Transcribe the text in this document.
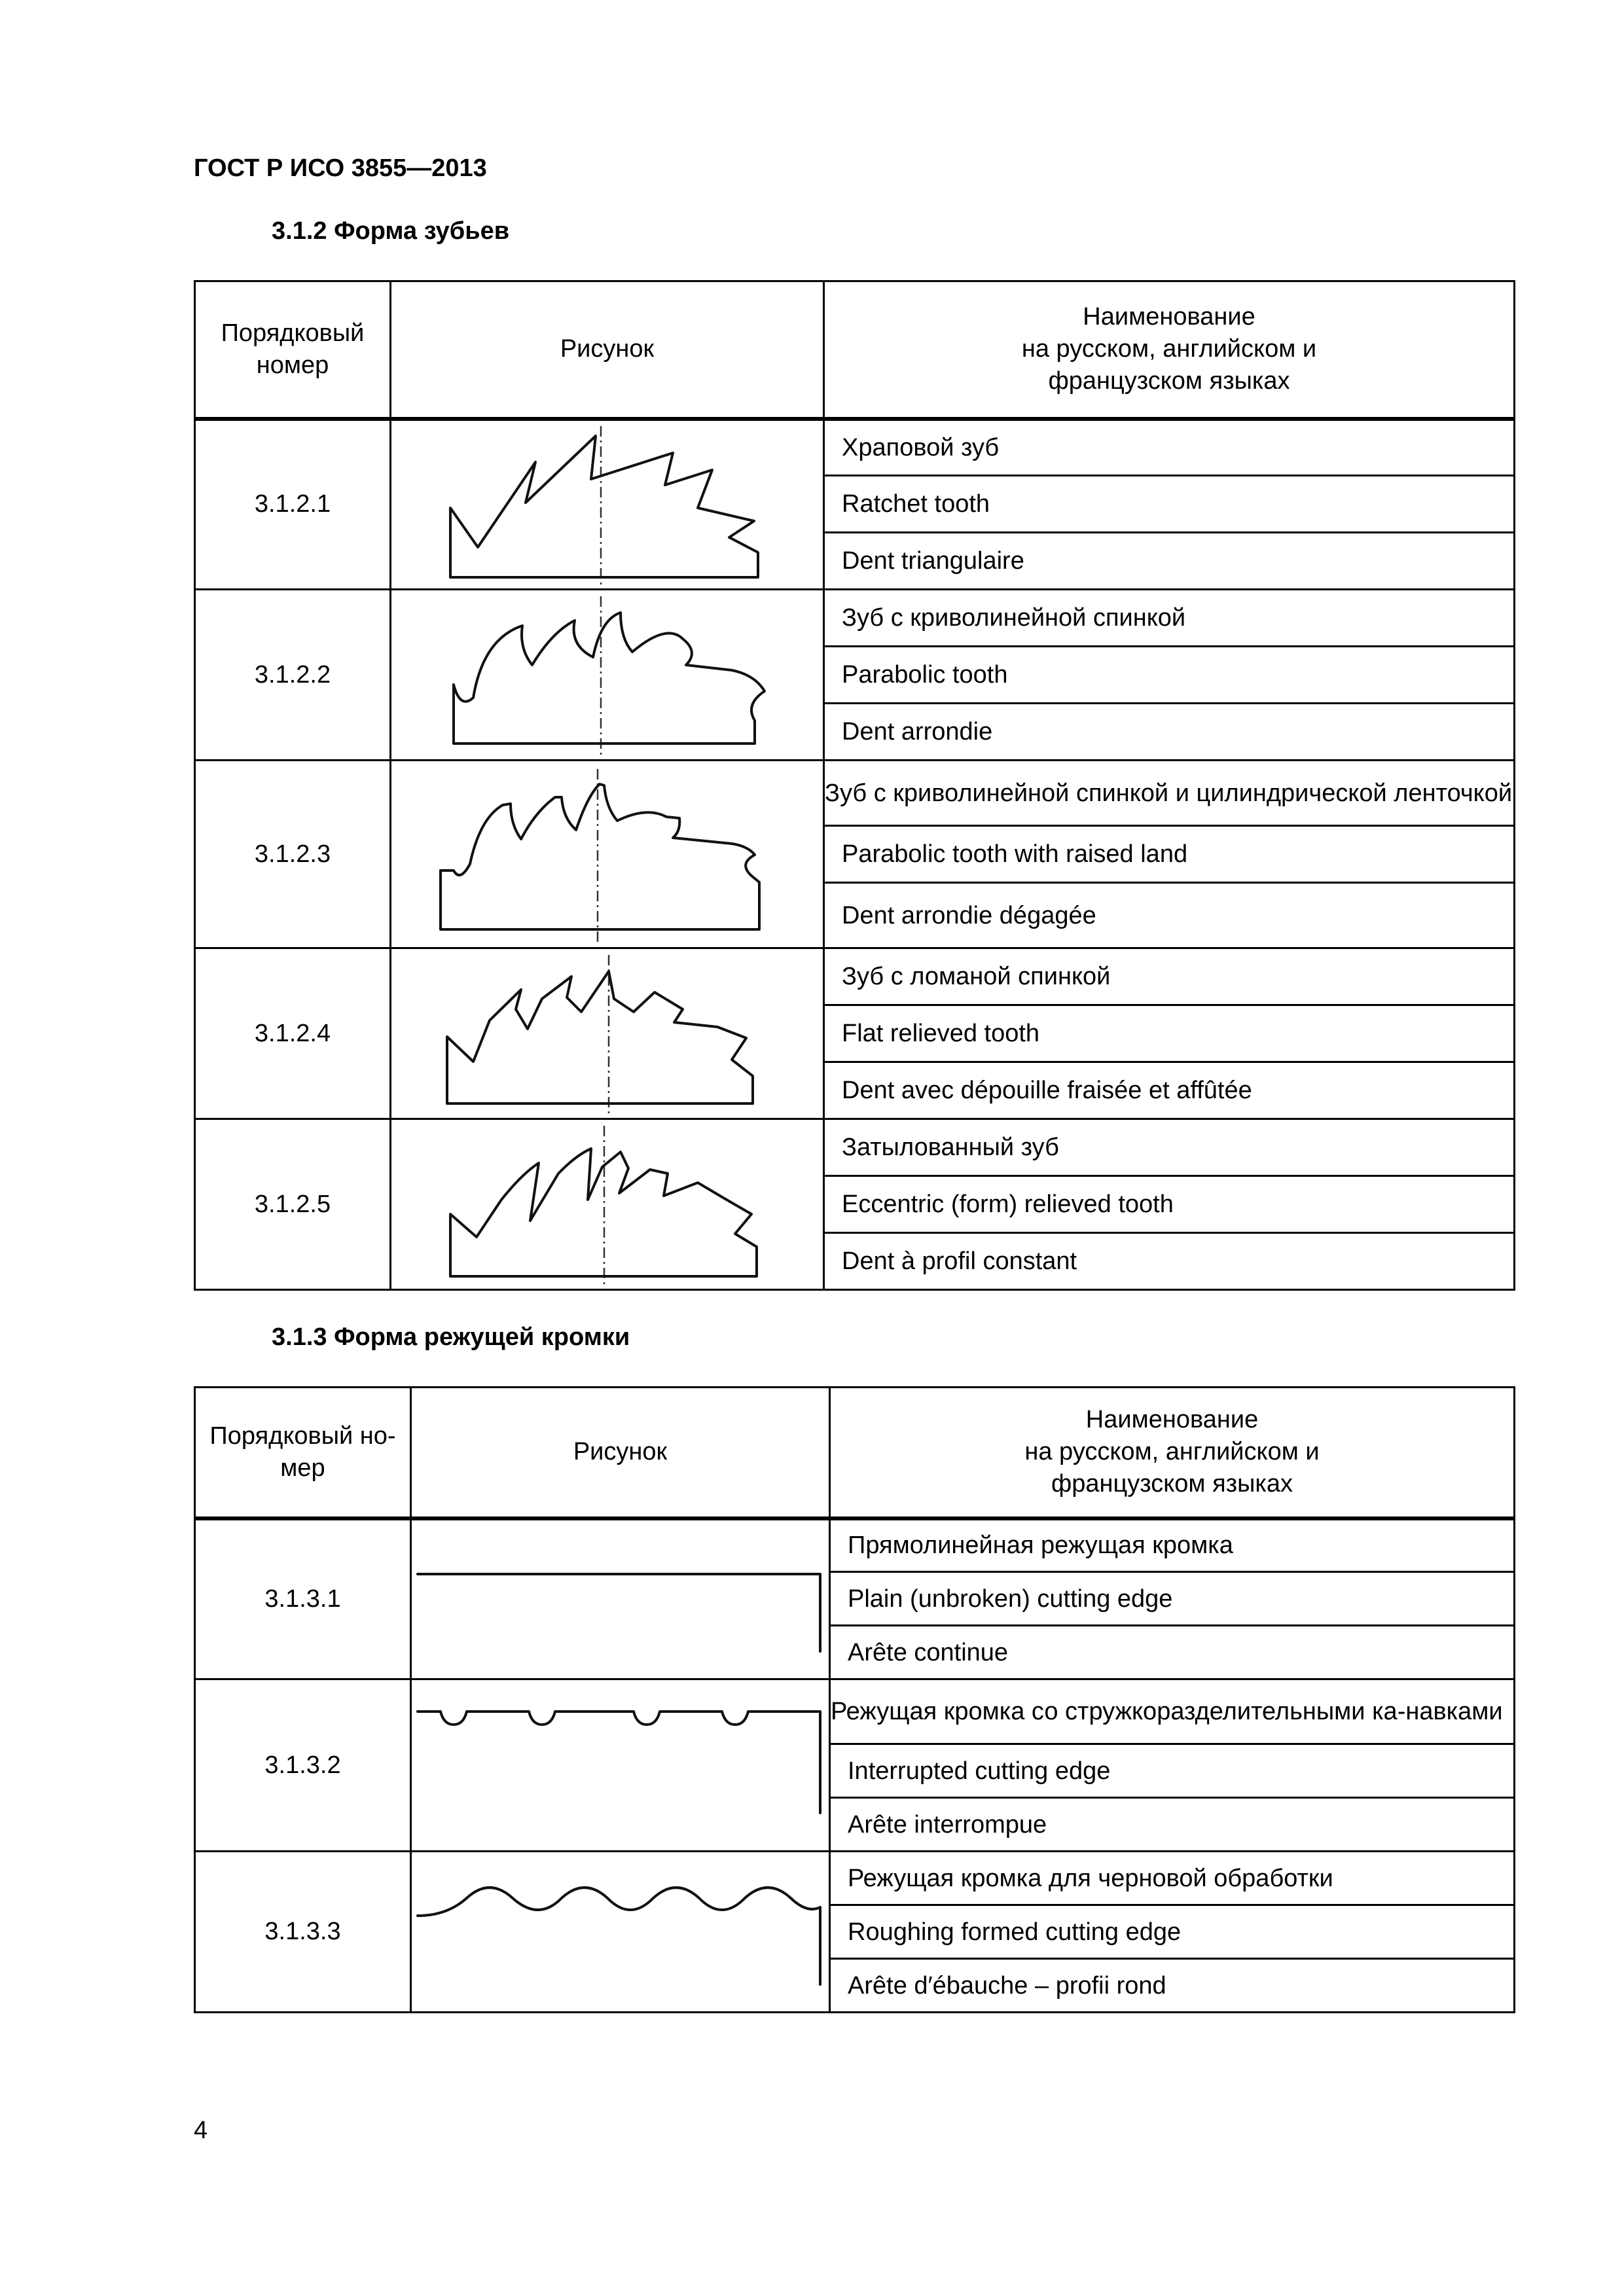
ГОСТ Р ИСО 3855—2013
3.1.2 Форма зубьев
Порядковый номер	Рисунок	Наименование
на русском, английском и
французском языках

3.1.2.1		Храповой зуб
		Ratchet tooth
		Dent triangulaire
3.1.2.2		Зуб с криволинейной спинкой
		Parabolic tooth
		Dent arrondie
3.1.2.3		Зуб с криволинейной спинкой и цилиндрической ленточкой
		Parabolic tooth with raised land
		Dent arrondie dégagée
3.1.2.4		Зуб с ломаной спинкой
		Flat relieved tooth
		Dent avec dépouille fraisée et affûtée
3.1.2.5		Затылованный зуб
		Eccentric (form) relieved tooth
		Dent à profil constant
3.1.3 Форма режущей кромки
Порядковый но-мер	Рисунок	Наименование
на русском, английском и
французском языках

3.1.3.1		Прямолинейная режущая кромка
		Plain (unbroken) cutting edge
		Arête continue
3.1.3.2		Режущая кромка со стружкоразделительными ка-навками
		Interrupted cutting edge
		Arête interrompue
3.1.3.3		Режущая кромка для черновой обработки
		Roughing formed cutting edge
		Arête d′ébauche – profii rond
4
